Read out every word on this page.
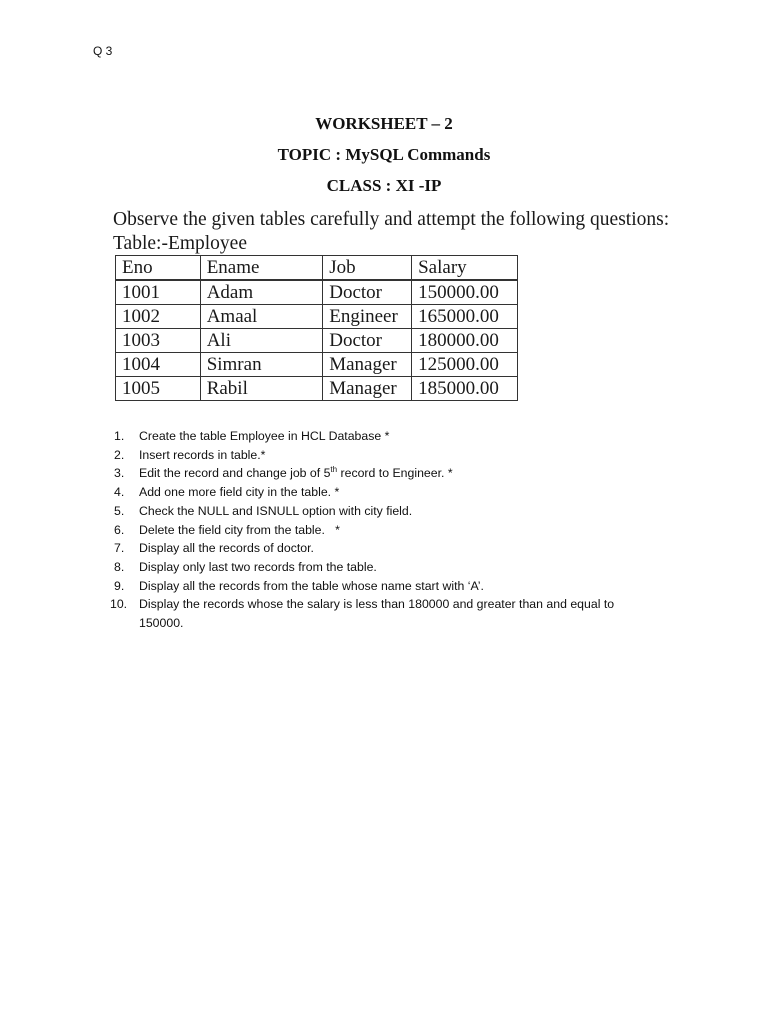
Q 3
WORKSHEET – 2
TOPIC : MySQL Commands
CLASS : XI -IP
Observe the given tables carefully and attempt the following questions:
Table:-Employee
Eno	Ename	Job	Salary
1001	Adam	Doctor	150000.00
1002	Amaal	Engineer	165000.00
1003	Ali	Doctor	180000.00
1004	Simran	Manager	125000.00
1005	Rabil	Manager	185000.00
1.	Create the table Employee in HCL Database *
2.	Insert records in table.*
3.	Edit the record and change job of 5th record to Engineer. *
4.	Add one more field city in the table. *
5.	Check the NULL and ISNULL option with city field.
6.	Delete the field city from the table.   *
7.	Display all the records of doctor.
8.	Display only last two records from the table.
9.	Display all the records from the table whose name start with ‘A’.
10. Display the records whose the salary is less than 180000 and greater than and equal to 150000.
